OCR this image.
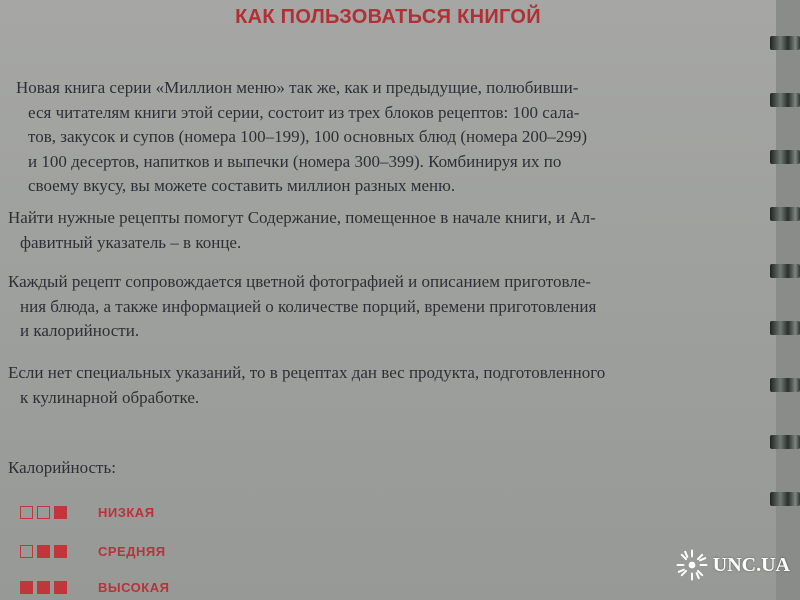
КАК ПОЛЬЗОВАТЬСЯ КНИГОЙ

Новая книга серии «Миллион меню» так же, как и предыдущие, полюбивши-
еся читателям книги этой серии, состоит из трех блоков рецептов: 100 сала-
тов, закусок и супов (номера 100–199), 100 основных блюд (номера 200–299)
и 100 десертов, напитков и выпечки (номера 300–399). Комбинируя их по
своему вкусу, вы можете составить миллион разных меню.

Найти нужные рецепты помогут Содержание, помещенное в начале книги, и Ал-
фавитный указатель – в конце.

Каждый рецепт сопровождается цветной фотографией и описанием приготовле-
ния блюда, а также информацией о количестве порций, времени приготовления
и калорийности.

Если нет специальных указаний, то в рецептах дан вес продукта, подготовленного
к кулинарной обработке.

Калорийность:
НИЗКАЯ
СРЕДНЯЯ
ВЫСОКАЯ
UNC.UA
